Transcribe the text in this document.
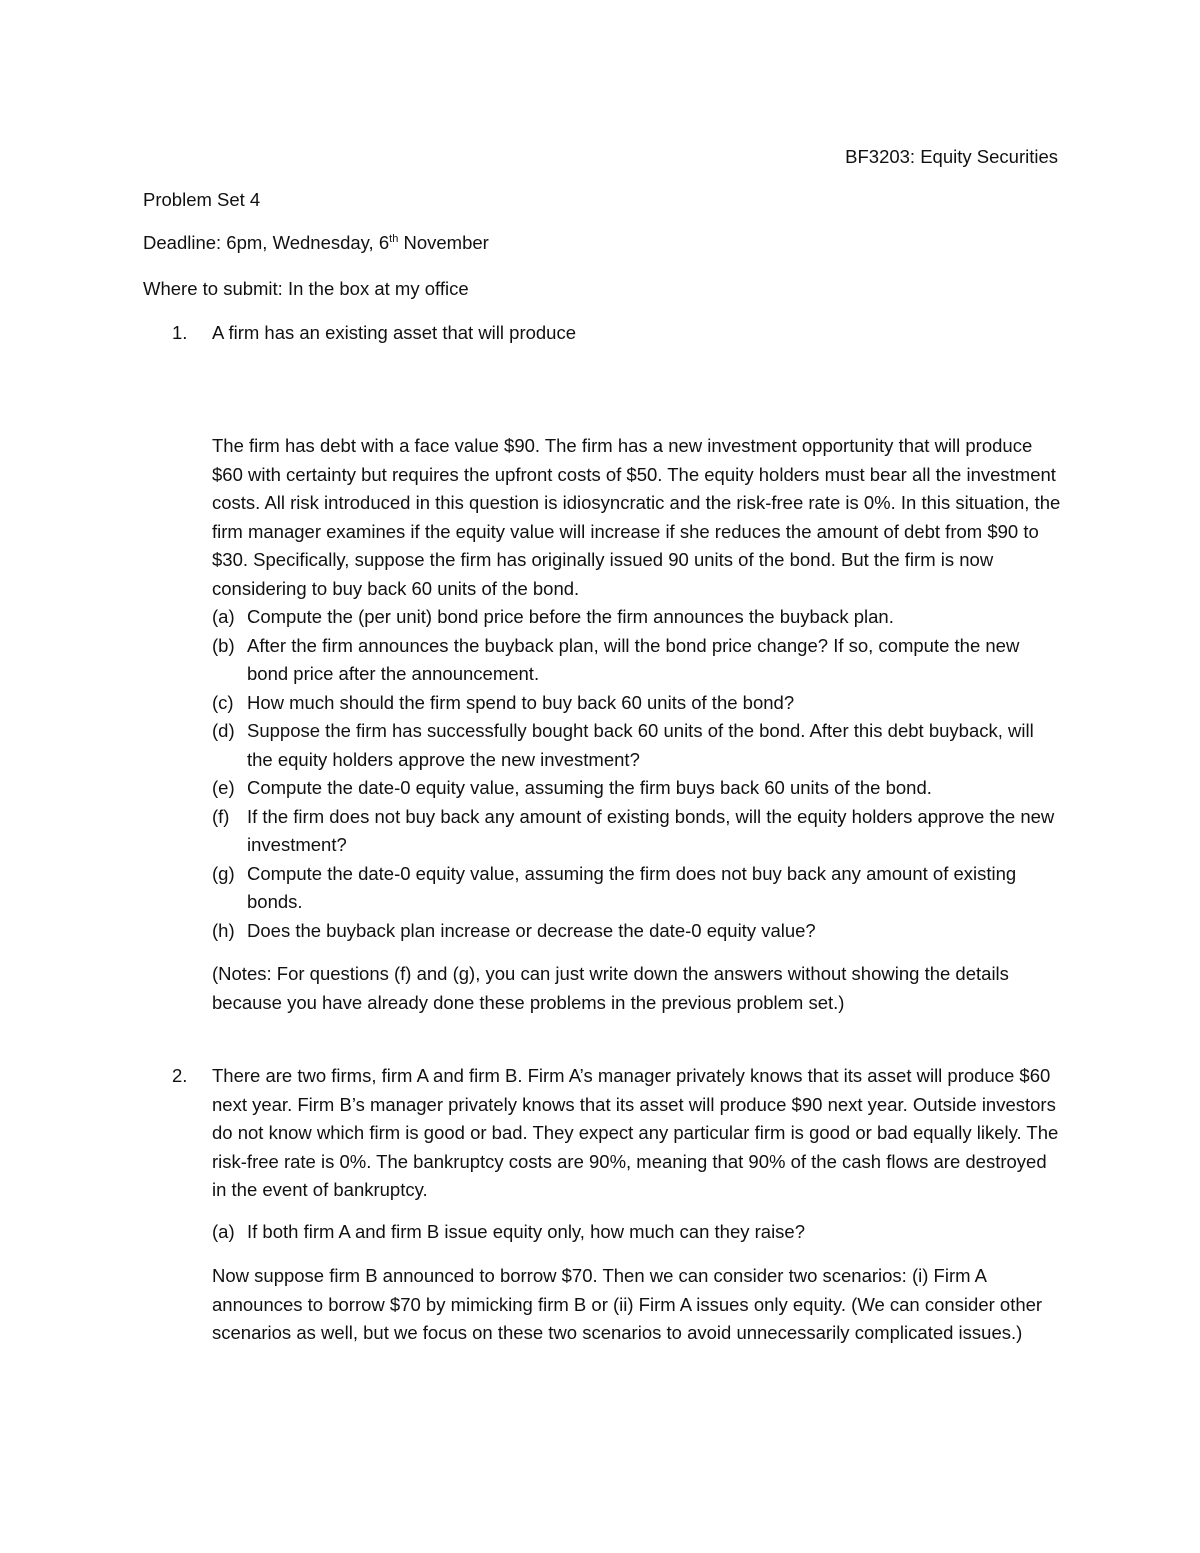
BF3203: Equity Securities
Problem Set 4
Deadline: 6pm, Wednesday, 6th November
Where to submit: In the box at my office
1. A firm has an existing asset that will produce
The firm has debt with a face value $90. The firm has a new investment opportunity that will produce $60 with certainty but requires the upfront costs of $50. The equity holders must bear all the investment costs. All risk introduced in this question is idiosyncratic and the risk-free rate is 0%. In this situation, the firm manager examines if the equity value will increase if she reduces the amount of debt from $90 to $30. Specifically, suppose the firm has originally issued 90 units of the bond. But the firm is now considering to buy back 60 units of the bond.
(a) Compute the (per unit) bond price before the firm announces the buyback plan.
(b) After the firm announces the buyback plan, will the bond price change? If so, compute the new bond price after the announcement.
(c) How much should the firm spend to buy back 60 units of the bond?
(d) Suppose the firm has successfully bought back 60 units of the bond. After this debt buyback, will the equity holders approve the new investment?
(e) Compute the date-0 equity value, assuming the firm buys back 60 units of the bond.
(f) If the firm does not buy back any amount of existing bonds, will the equity holders approve the new investment?
(g) Compute the date-0 equity value, assuming the firm does not buy back any amount of existing bonds.
(h) Does the buyback plan increase or decrease the date-0 equity value?
(Notes: For questions (f) and (g), you can just write down the answers without showing the details because you have already done these problems in the previous problem set.)
2. There are two firms, firm A and firm B. Firm A’s manager privately knows that its asset will produce $60 next year. Firm B’s manager privately knows that its asset will produce $90 next year. Outside investors do not know which firm is good or bad. They expect any particular firm is good or bad equally likely. The risk-free rate is 0%. The bankruptcy costs are 90%, meaning that 90% of the cash flows are destroyed in the event of bankruptcy.
(a) If both firm A and firm B issue equity only, how much can they raise?
Now suppose firm B announced to borrow $70. Then we can consider two scenarios: (i) Firm A announces to borrow $70 by mimicking firm B or (ii) Firm A issues only equity. (We can consider other scenarios as well, but we focus on these two scenarios to avoid unnecessarily complicated issues.)
